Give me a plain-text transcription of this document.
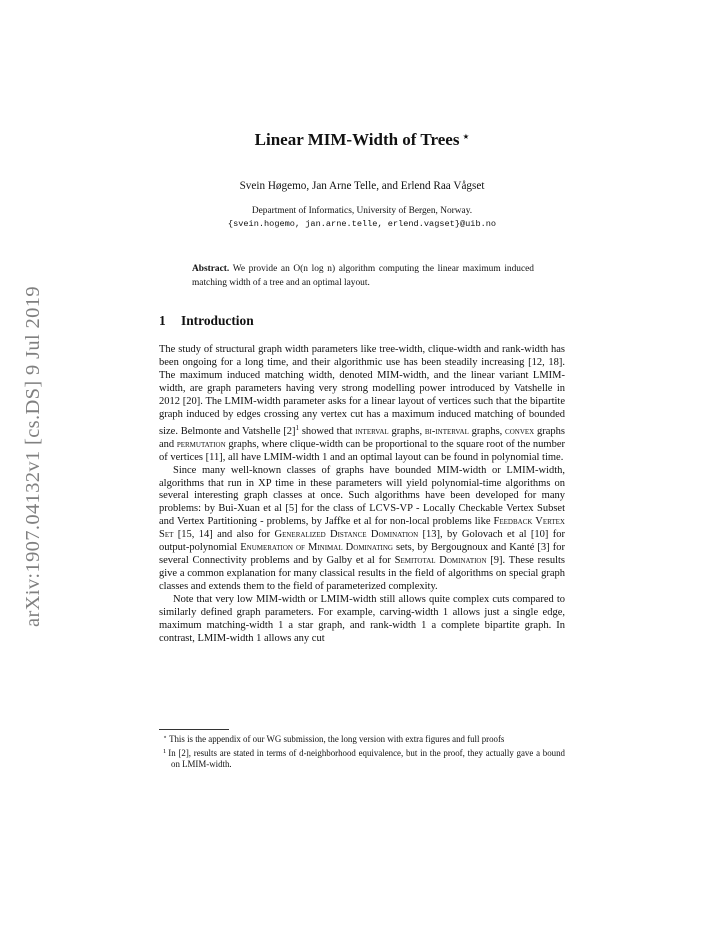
arXiv:1907.04132v1 [cs.DS] 9 Jul 2019
Linear MIM-Width of Trees ⋆
Svein Høgemo, Jan Arne Telle, and Erlend Raa Vågset
Department of Informatics, University of Bergen, Norway.
{svein.hogemo, jan.arne.telle, erlend.vagset}@uib.no
Abstract. We provide an O(n log n) algorithm computing the linear maximum induced matching width of a tree and an optimal layout.
1 Introduction

The study of structural graph width parameters like tree-width, clique-width and rank-width has been ongoing for a long time, and their algorithmic use has been steadily increasing [12, 18]. The maximum induced matching width, denoted MIM-width, and the linear variant LMIM-width, are graph parameters having very strong modelling power introduced by Vatshelle in 2012 [20]. The LMIM-width parameter asks for a linear layout of vertices such that the bipartite graph induced by edges crossing any vertex cut has a maximum induced matching of bounded size. Belmonte and Vatshelle [2]$^1$ showed that interval graphs, bi-interval graphs, convex graphs and permutation graphs, where clique-width can be proportional to the square root of the number of vertices [11], all have LMIM-width 1 and an optimal layout can be found in polynomial time.

Since many well-known classes of graphs have bounded MIM-width or LMIM-width, algorithms that run in XP time in these parameters will yield polynomial-time algorithms on several interesting graph classes at once. Such algorithms have been developed for many problems: by Bui-Xuan et al [5] for the class of LCVS-VP - Locally Checkable Vertex Subset and Vertex Partitioning - problems, by Jaffke et al for non-local problems like Feedback Vertex Set [15, 14] and also for Generalized Distance Domination [13], by Golovach et al [10] for output-polynomial Enumeration of Minimal Dominating sets, by Bergougnoux and Kanté [3] for several Connectivity problems and by Galby et al for Semitotal Domination [9]. These results give a common explanation for many classical results in the field of algorithms on special graph classes and extends them to the field of parameterized complexity.

Note that very low MIM-width or LMIM-width still allows quite complex cuts compared to similarly defined graph parameters. For example, carving-width 1 allows just a single edge, maximum matching-width 1 a star graph, and rank-width 1 a complete bipartite graph. In contrast, LMIM-width 1 allows any cut

⋆ This is the appendix of our WG submission, the long version with extra figures and full proofs

$^1$ In [2], results are stated in terms of d-neighborhood equivalence, but in the proof, they actually gave a bound on LMIM-width.
